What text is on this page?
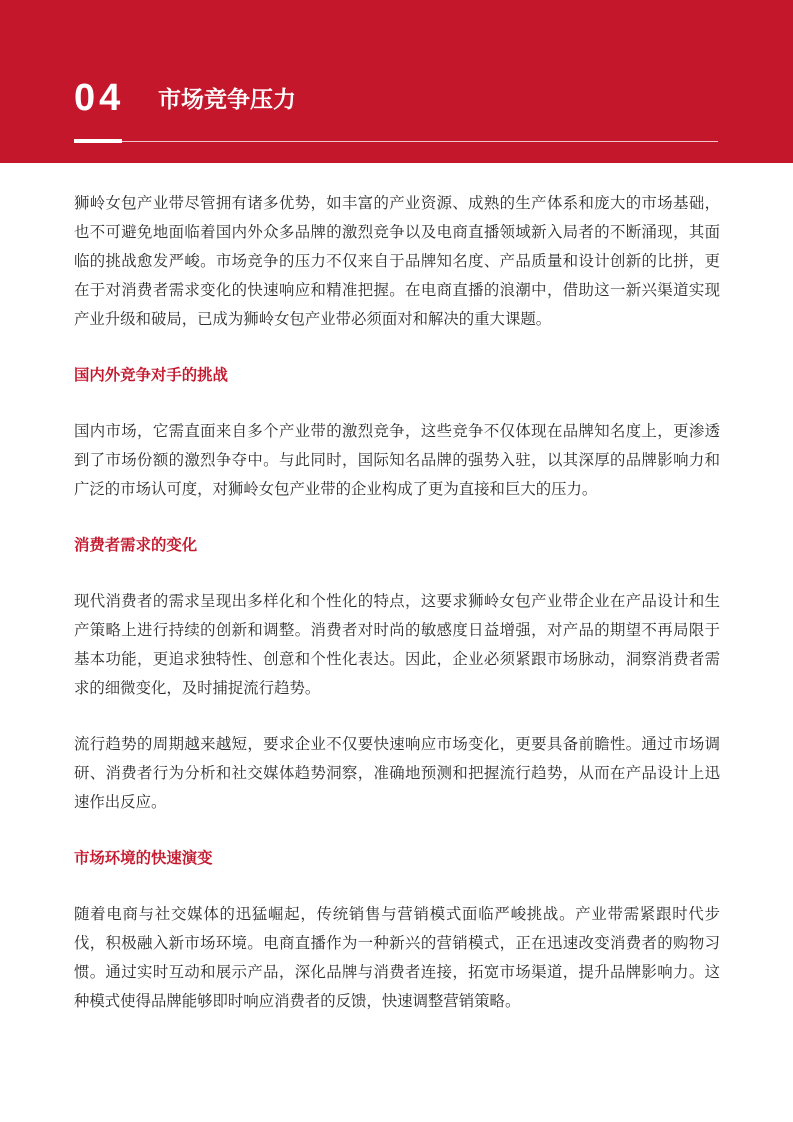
04 市场竞争压力

狮岭女包产业带尽管拥有诸多优势，如丰富的产业资源、成熟的生产体系和庞大的市场基础，也不可避免地面临着国内外众多品牌的激烈竞争以及电商直播领域新入局者的不断涌现，其面临的挑战愈发严峻。市场竞争的压力不仅来自于品牌知名度、产品质量和设计创新的比拼，更在于对消费者需求变化的快速响应和精准把握。在电商直播的浪潮中，借助这一新兴渠道实现产业升级和破局，已成为狮岭女包产业带必须面对和解决的重大课题。

国内外竞争对手的挑战

国内市场，它需直面来自多个产业带的激烈竞争，这些竞争不仅体现在品牌知名度上，更渗透到了市场份额的激烈争夺中。与此同时，国际知名品牌的强势入驻，以其深厚的品牌影响力和广泛的市场认可度，对狮岭女包产业带的企业构成了更为直接和巨大的压力。

消费者需求的变化

现代消费者的需求呈现出多样化和个性化的特点，这要求狮岭女包产业带企业在产品设计和生产策略上进行持续的创新和调整。消费者对时尚的敏感度日益增强，对产品的期望不再局限于基本功能，更追求独特性、创意和个性化表达。因此，企业必须紧跟市场脉动，洞察消费者需求的细微变化，及时捕捉流行趋势。

流行趋势的周期越来越短，要求企业不仅要快速响应市场变化，更要具备前瞻性。通过市场调研、消费者行为分析和社交媒体趋势洞察，准确地预测和把握流行趋势，从而在产品设计上迅速作出反应。

市场环境的快速演变

随着电商与社交媒体的迅猛崛起，传统销售与营销模式面临严峻挑战。产业带需紧跟时代步伐，积极融入新市场环境。电商直播作为一种新兴的营销模式，正在迅速改变消费者的购物习惯。通过实时互动和展示产品，深化品牌与消费者连接，拓宽市场渠道，提升品牌影响力。这种模式使得品牌能够即时响应消费者的反馈，快速调整营销策略。
